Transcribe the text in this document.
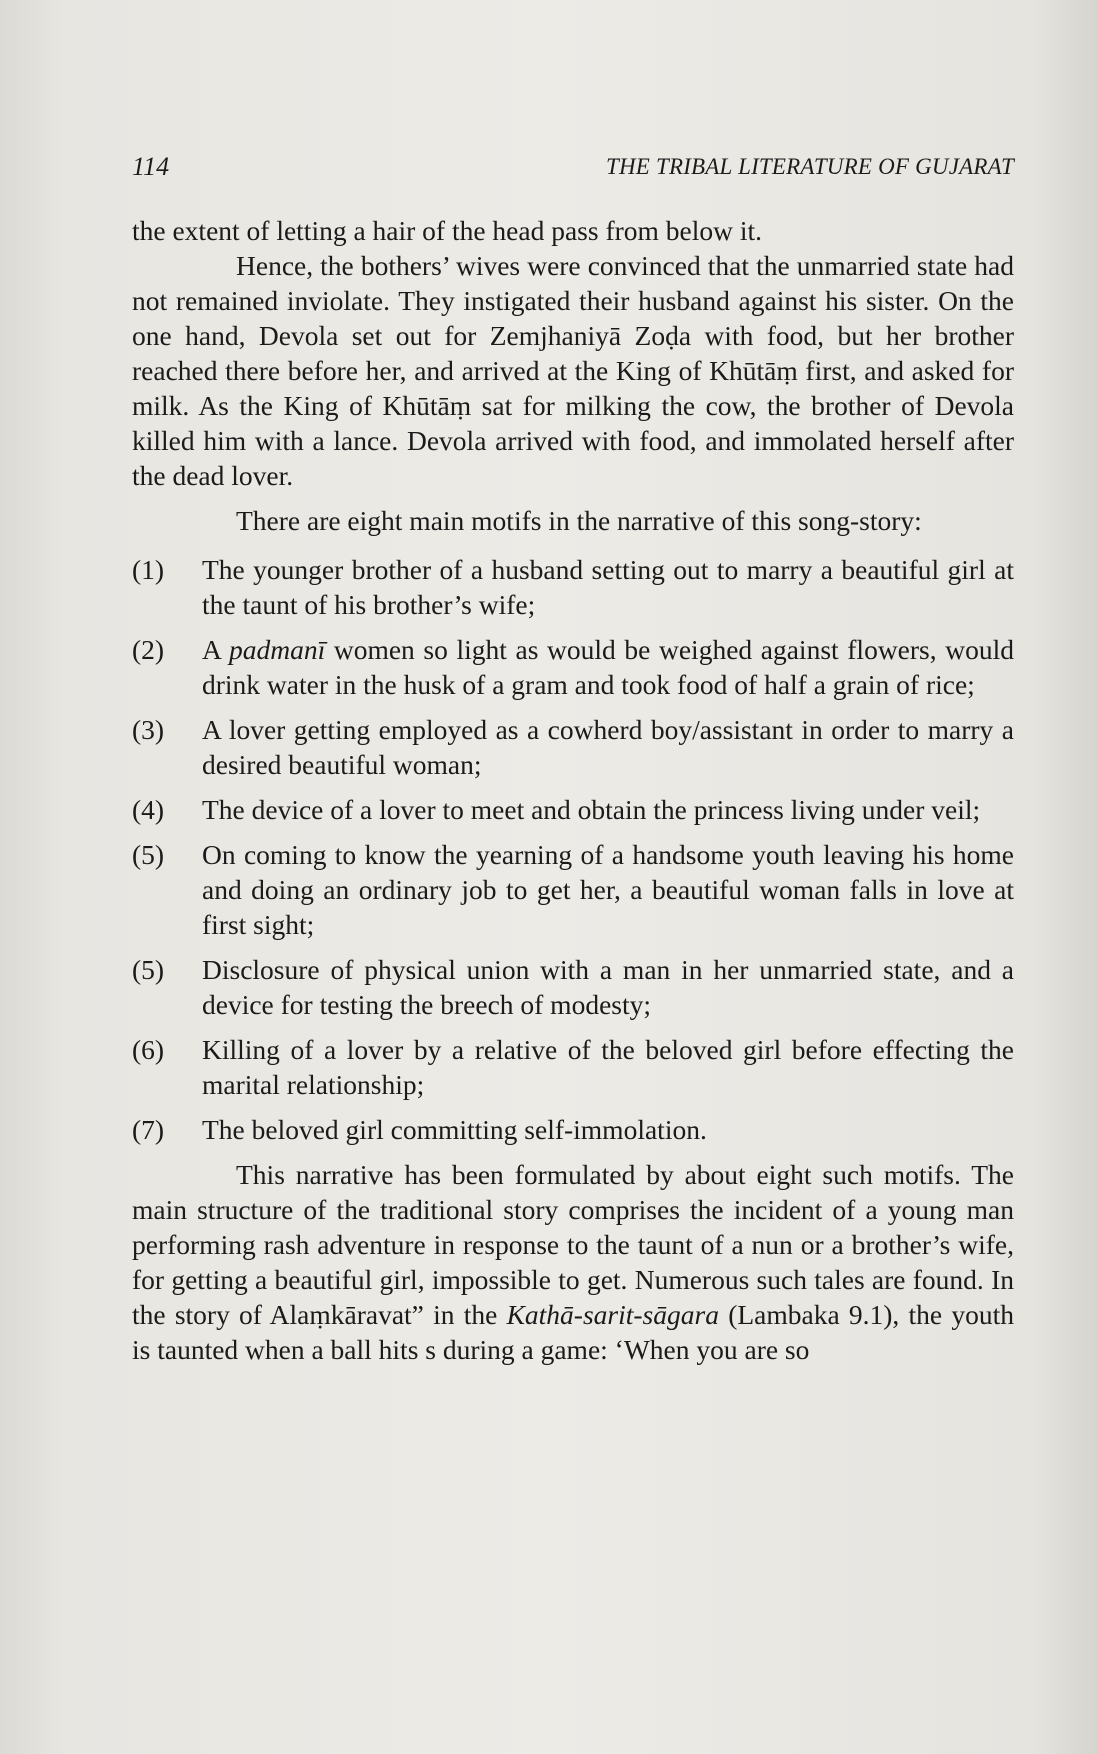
114	THE TRIBAL LITERATURE OF GUJARAT

the extent of letting a hair of the head pass from below it.

Hence, the bothers’ wives were convinced that the unmarried state had not remained inviolate. They instigated their husband against his sister. On the one hand, Devola set out for Zemjhaniyā Zoḍa with food, but her brother reached there before her, and arrived at the King of Khūtāṃ first, and asked for milk. As the King of Khūtāṃ sat for milking the cow, the brother of Devola killed him with a lance. Devola arrived with food, and immolated herself after the dead lover.

There are eight main motifs in the narrative of this song-story:

(1)	The younger brother of a husband setting out to marry a beautiful girl at the taunt of his brother’s wife;
(2)	A padmanī women so light as would be weighed against flowers, would drink water in the husk of a gram and took food of half a grain of rice;
(3)	A lover getting employed as a cowherd boy/assistant in order to marry a desired beautiful woman;
(4)	The device of a lover to meet and obtain the princess living under veil;
(5)	On coming to know the yearning of a handsome youth leaving his home and doing an ordinary job to get her, a beautiful woman falls in love at first sight;
(5)	Disclosure of physical union with a man in her unmarried state, and a device for testing the breech of modesty;
(6)	Killing of a lover by a relative of the beloved girl before effecting the marital relationship;
(7)	The beloved girl committing self-immolation.

This narrative has been formulated by about eight such motifs. The main structure of the traditional story comprises the incident of a young man performing rash adventure in response to the taunt of a nun or a brother’s wife, for getting a beautiful girl, impossible to get. Numerous such tales are found. In the story of Alaṃkāravat” in the Kathā-sarit-sāgara (Lambaka 9.1), the youth is taunted when a ball hits s during a game: ‘When you are so
